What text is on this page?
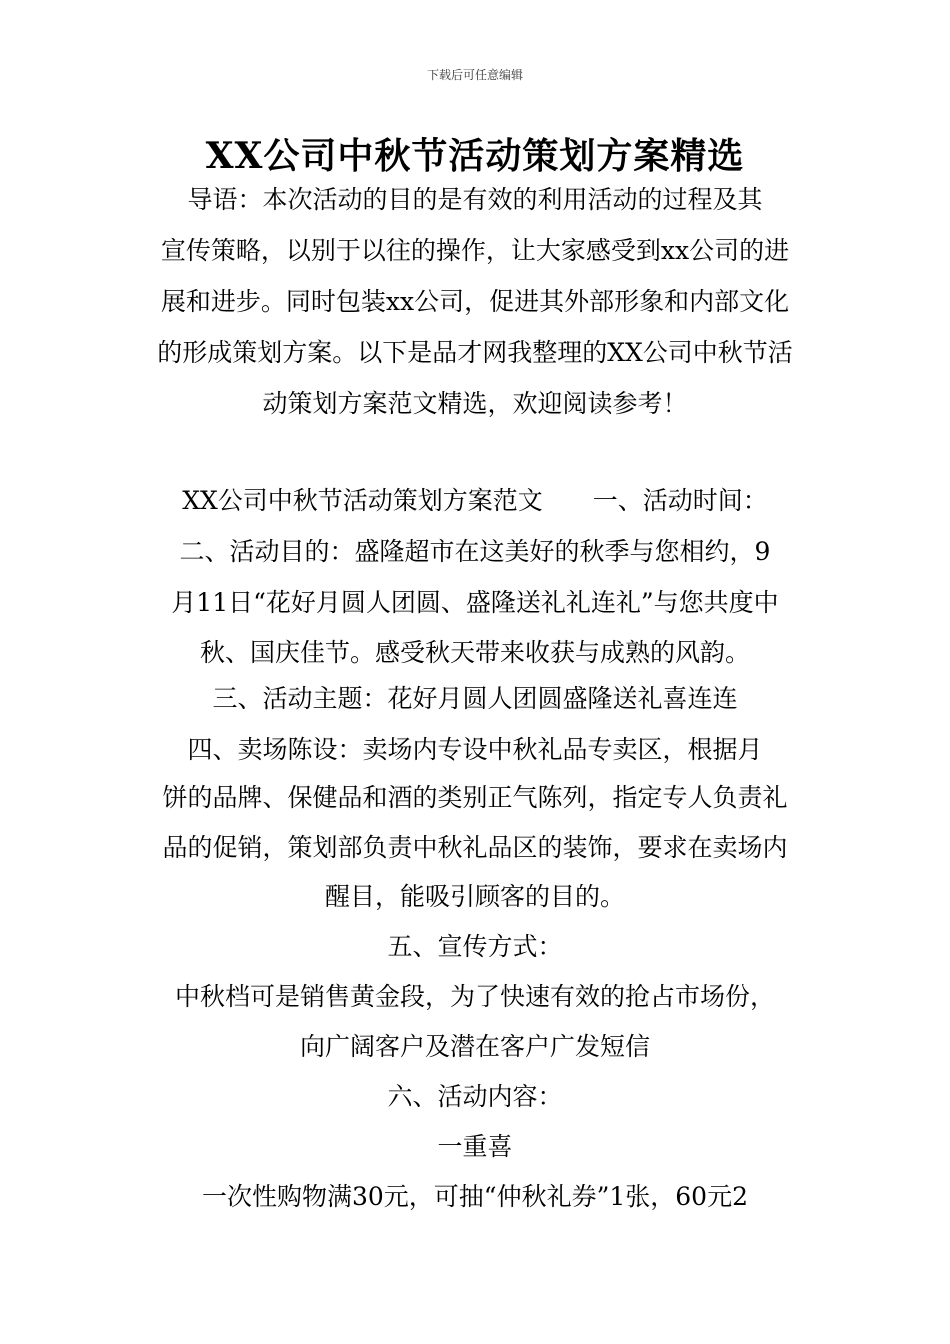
下载后可任意编辑
XX公司中秋节活动策划方案精选
导语：本次活动的目的是有效的利用活动的过程及其
宣传策略，以别于以往的操作，让大家感受到xx公司的进
展和进步。同时包装xx公司，促进其外部形象和内部文化
的形成策划方案。以下是品才网我整理的XX公司中秋节活
动策划方案范文精选，欢迎阅读参考！
XX公司中秋节活动策划方案范文　　一、活动时间：
二、活动目的：盛隆超市在这美好的秋季与您相约，9
月11日“花好月圆人团圆、盛隆送礼礼连礼”与您共度中
秋、国庆佳节。感受秋天带来收获与成熟的风韵。
三、活动主题：花好月圆人团圆盛隆送礼喜连连
四、卖场陈设：卖场内专设中秋礼品专卖区，根据月
饼的品牌、保健品和酒的类别正气陈列，指定专人负责礼
品的促销，策划部负责中秋礼品区的装饰，要求在卖场内
醒目，能吸引顾客的目的。
五、宣传方式：
中秋档可是销售黄金段，为了快速有效的抢占市场份，
向广阔客户及潜在客户广发短信
六、活动内容：
一重喜
一次性购物满30元，可抽“仲秋礼券”1张，60元2
